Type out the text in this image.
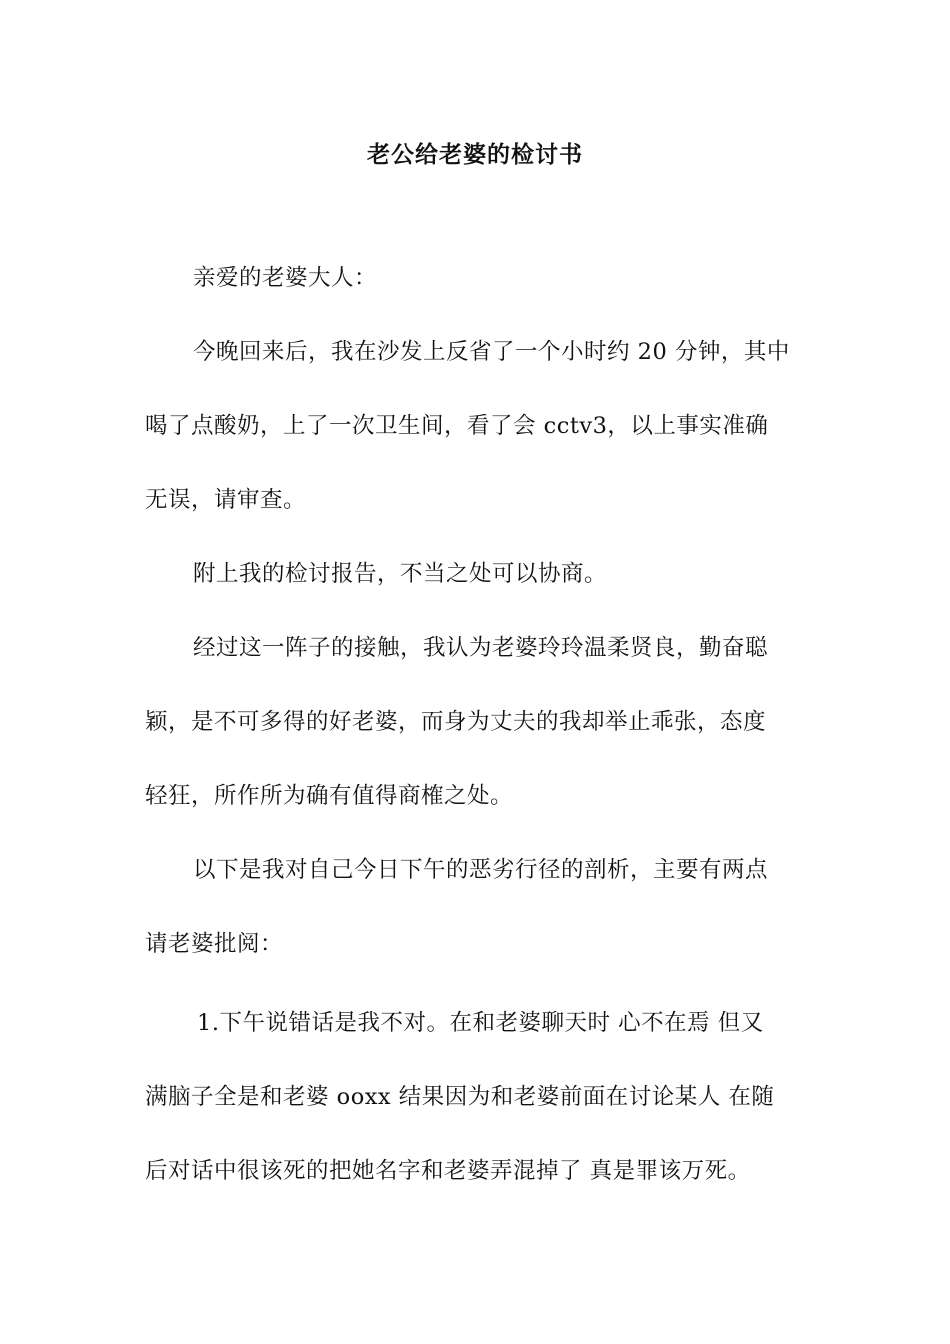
老公给老婆的检讨书
亲爱的老婆大人：
今晚回来后，我在沙发上反省了一个小时约 20 分钟，其中
喝了点酸奶，上了一次卫生间，看了会 cctv3，以上事实准确
无误，请审查。
附上我的检讨报告，不当之处可以协商。
经过这一阵子的接触，我认为老婆玲玲温柔贤良，勤奋聪
颖，是不可多得的好老婆，而身为丈夫的我却举止乖张，态度
轻狂，所作所为确有值得商榷之处。
以下是我对自己今日下午的恶劣行径的剖析，主要有两点
请老婆批阅：
1.下午说错话是我不对。在和老婆聊天时 心不在焉 但又
满脑子全是和老婆 ooxx 结果因为和老婆前面在讨论某人 在随
后对话中很该死的把她名字和老婆弄混掉了 真是罪该万死。
